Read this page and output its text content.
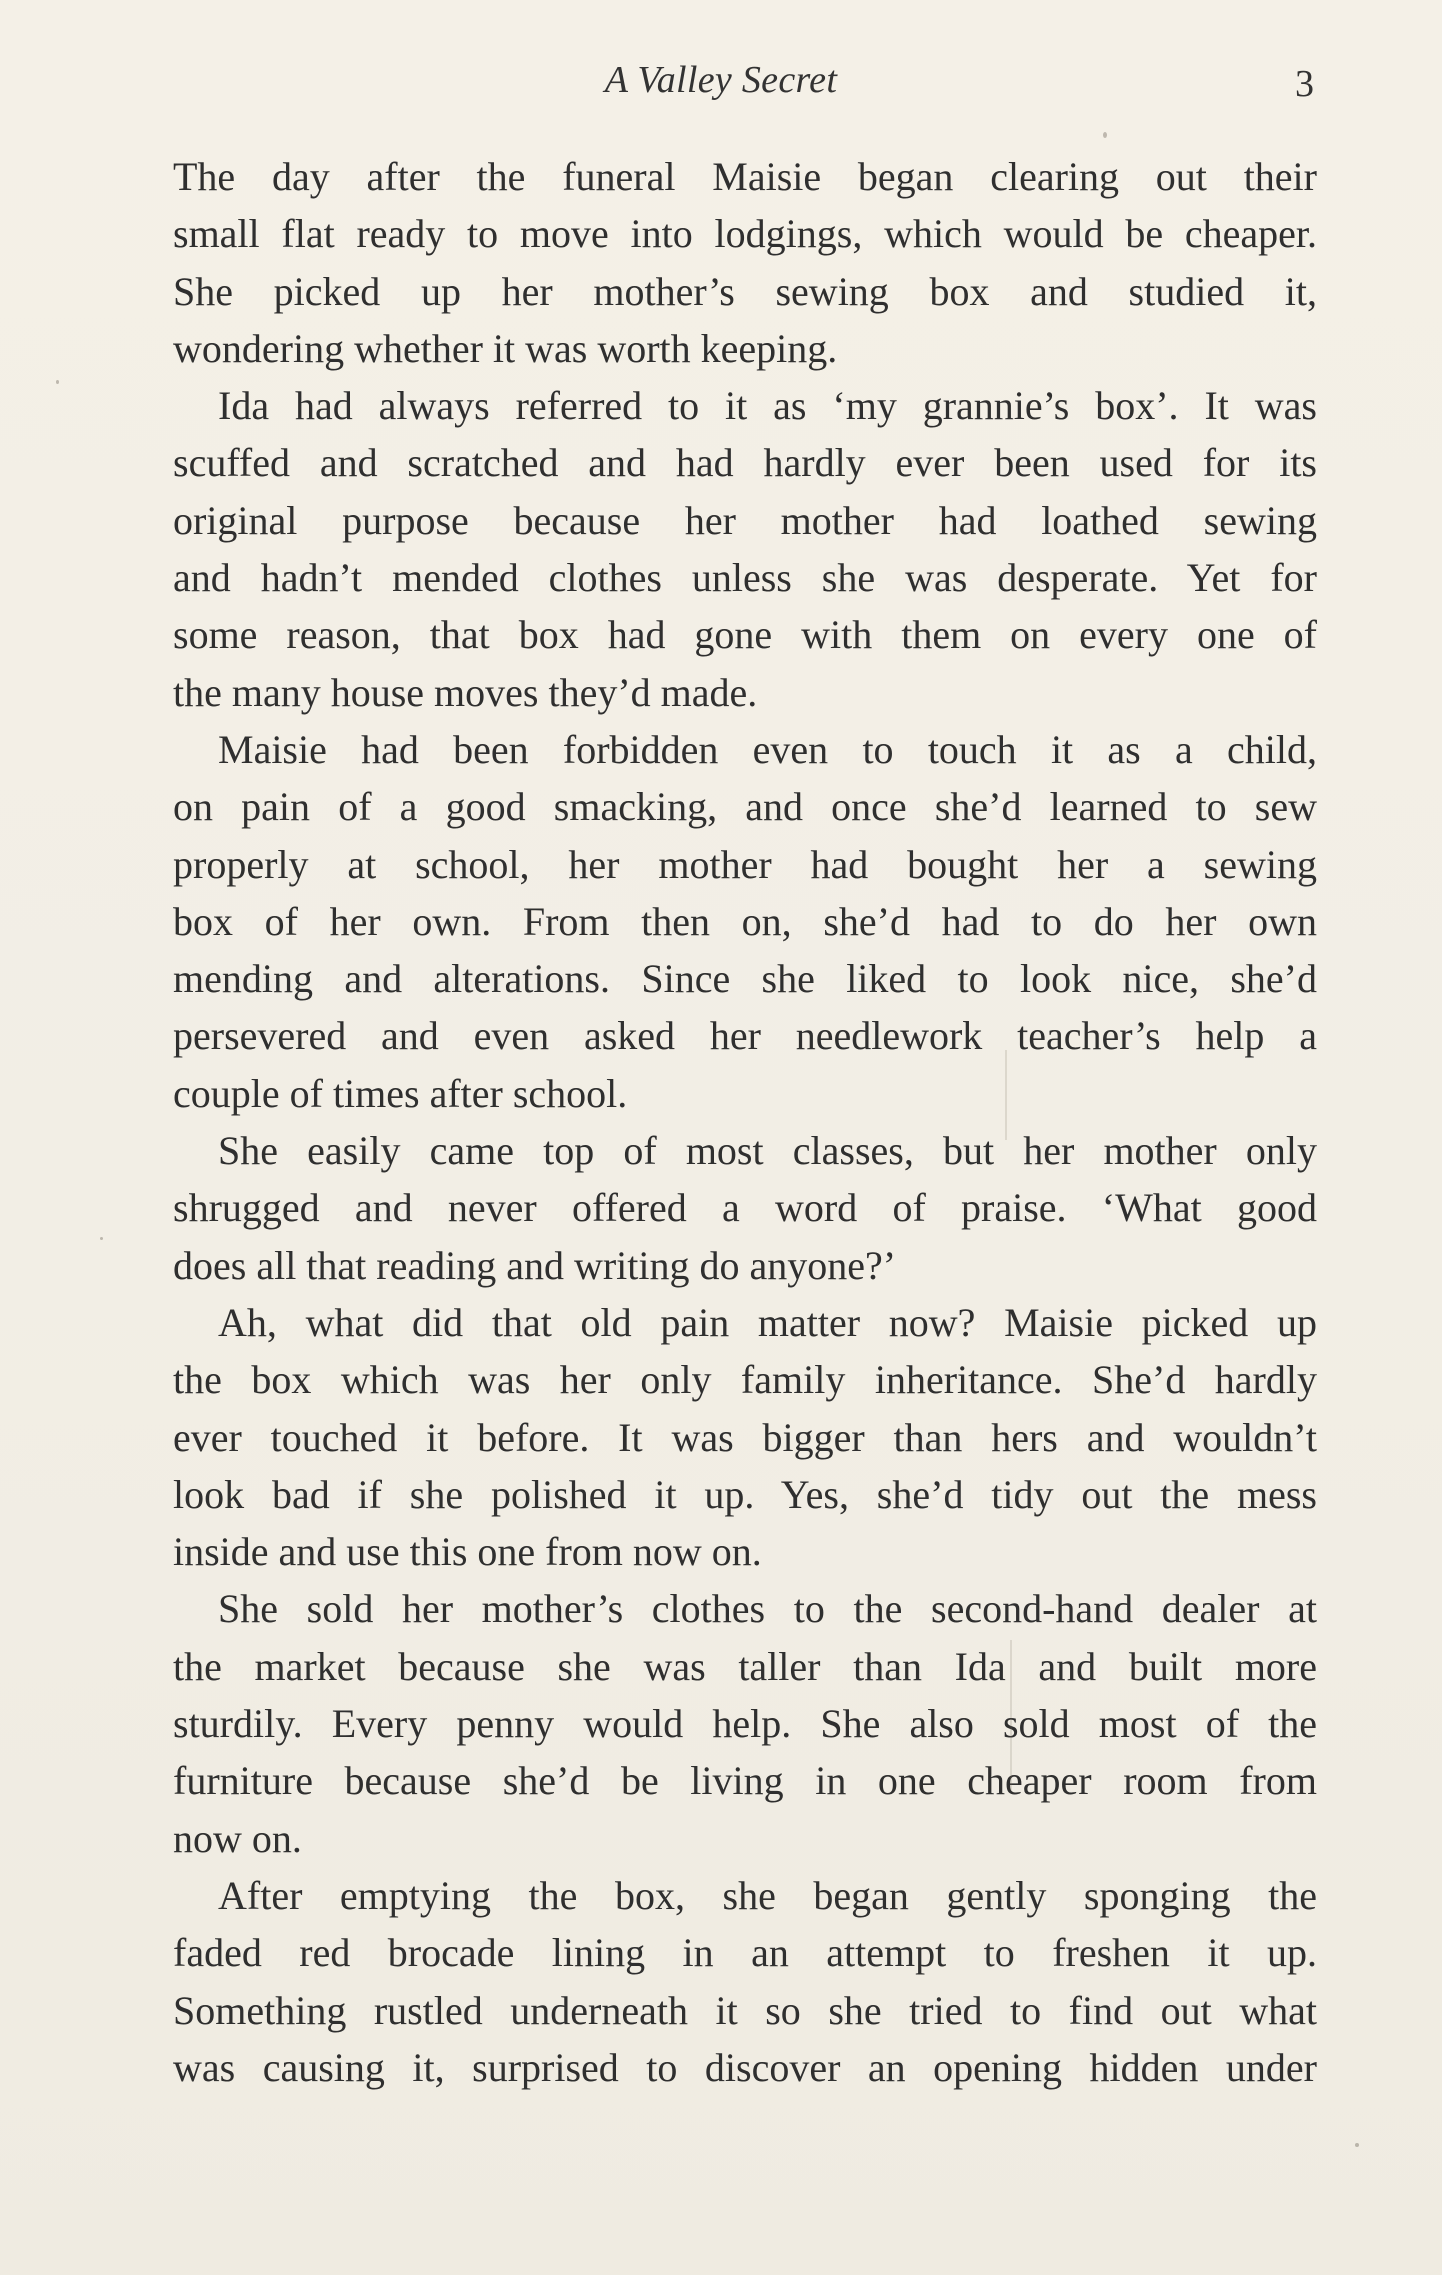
A Valley Secret	3
The day after the funeral Maisie began clearing out their
small flat ready to move into lodgings, which would be cheaper.
She picked up her mother’s sewing box and studied it,
wondering whether it was worth keeping.
Ida had always referred to it as ‘my grannie’s box’. It was
scuffed and scratched and had hardly ever been used for its
original purpose because her mother had loathed sewing
and hadn’t mended clothes unless she was desperate. Yet for
some reason, that box had gone with them on every one of
the many house moves they’d made.
Maisie had been forbidden even to touch it as a child,
on pain of a good smacking, and once she’d learned to sew
properly at school, her mother had bought her a sewing
box of her own. From then on, she’d had to do her own
mending and alterations. Since she liked to look nice, she’d
persevered and even asked her needlework teacher’s help a
couple of times after school.
She easily came top of most classes, but her mother only
shrugged and never offered a word of praise. ‘What good
does all that reading and writing do anyone?’
Ah, what did that old pain matter now? Maisie picked up
the box which was her only family inheritance. She’d hardly
ever touched it before. It was bigger than hers and wouldn’t
look bad if she polished it up. Yes, she’d tidy out the mess
inside and use this one from now on.
She sold her mother’s clothes to the second-hand dealer at
the market because she was taller than Ida and built more
sturdily. Every penny would help. She also sold most of the
furniture because she’d be living in one cheaper room from
now on.
After emptying the box, she began gently sponging the
faded red brocade lining in an attempt to freshen it up.
Something rustled underneath it so she tried to find out what
was causing it, surprised to discover an opening hidden under
